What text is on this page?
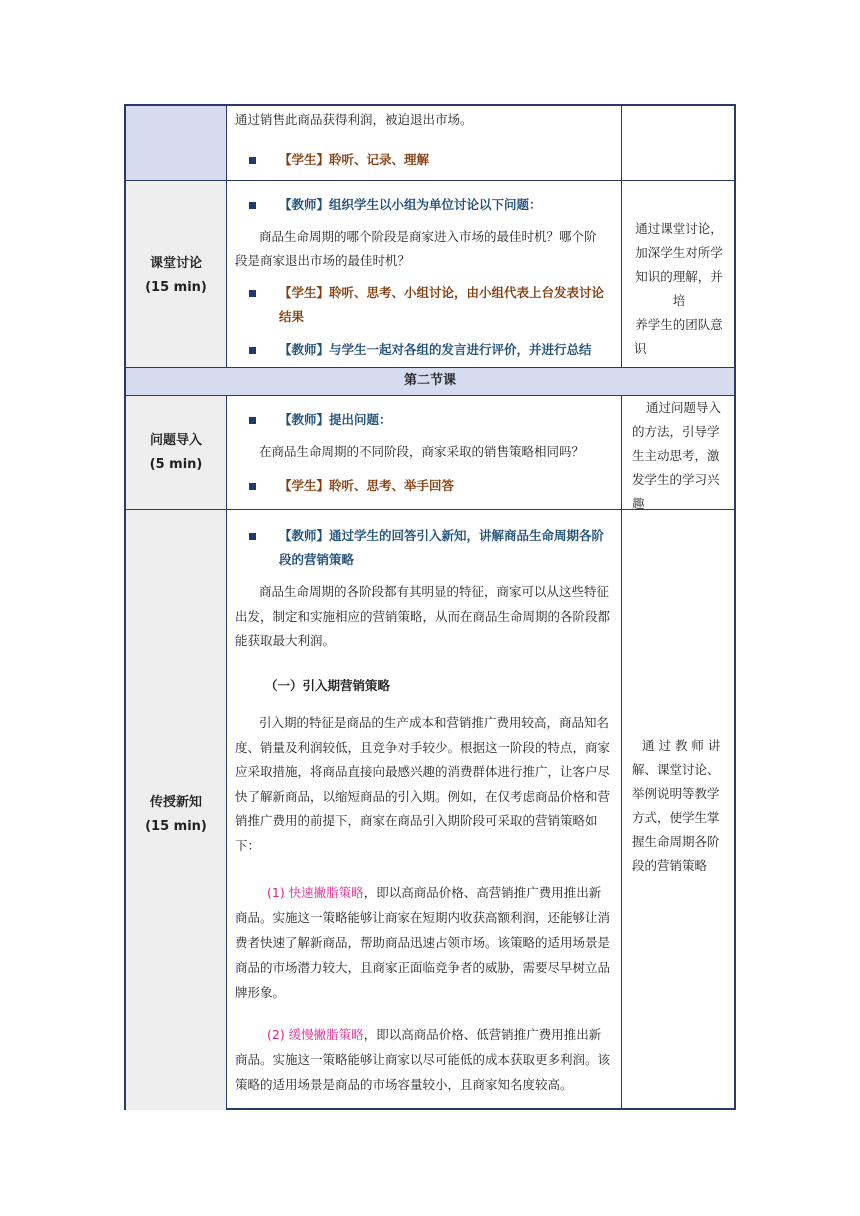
通过销售此商品获得利润，被迫退出市场。
【学生】聆听、记录、理解
课堂讨论
(15 min)
【教师】组织学生以小组为单位讨论以下问题：
商品生命周期的哪个阶段是商家进入市场的最佳时机？哪个阶
段是商家退出市场的最佳时机？
【学生】聆听、思考、小组讨论，由小组代表上台发表讨论
结果
【教师】与学生一起对各组的发言进行评价，并进行总结
通过课堂讨论，
加深学生对所学
知识的理解，并培
养学生的团队意
识
第二节课
问题导入
(5 min)
【教师】提出问题：
在商品生命周期的不同阶段，商家采取的销售策略相同吗？
【学生】聆听、思考、举手回答
通过问题导入
的方法，引导学
生主动思考，激
发学生的学习兴
趣
传授新知
(15 min)
【教师】通过学生的回答引入新知，讲解商品生命周期各阶
段的营销策略
商品生命周期的各阶段都有其明显的特征，商家可以从这些特征
出发，制定和实施相应的营销策略，从而在商品生命周期的各阶段都
能获取最大利润。
（一）引入期营销策略
引入期的特征是商品的生产成本和营销推广费用较高，商品知名
度、销量及利润较低，且竞争对手较少。根据这一阶段的特点，商家
应采取措施，将商品直接向最感兴趣的消费群体进行推广，让客户尽
快了解新商品，以缩短商品的引入期。例如，在仅考虑商品价格和营
销推广费用的前提下，商家在商品引入期阶段可采取的营销策略如
下：
(1) 快速撇脂策略，即以高商品价格、高营销推广费用推出新
商品。实施这一策略能够让商家在短期内收获高额利润，还能够让消
费者快速了解新商品，帮助商品迅速占领市场。该策略的适用场景是
商品的市场潜力较大，且商家正面临竞争者的威胁，需要尽早树立品
牌形象。
(2) 缓慢撇脂策略，即以高商品价格、低营销推广费用推出新
商品。实施这一策略能够让商家以尽可能低的成本获取更多利润。该
策略的适用场景是商品的市场容量较小，且商家知名度较高。
通 过 教 师 讲
解、课堂讨论、
举例说明等教学
方式，使学生掌
握生命周期各阶
段的营销策略
